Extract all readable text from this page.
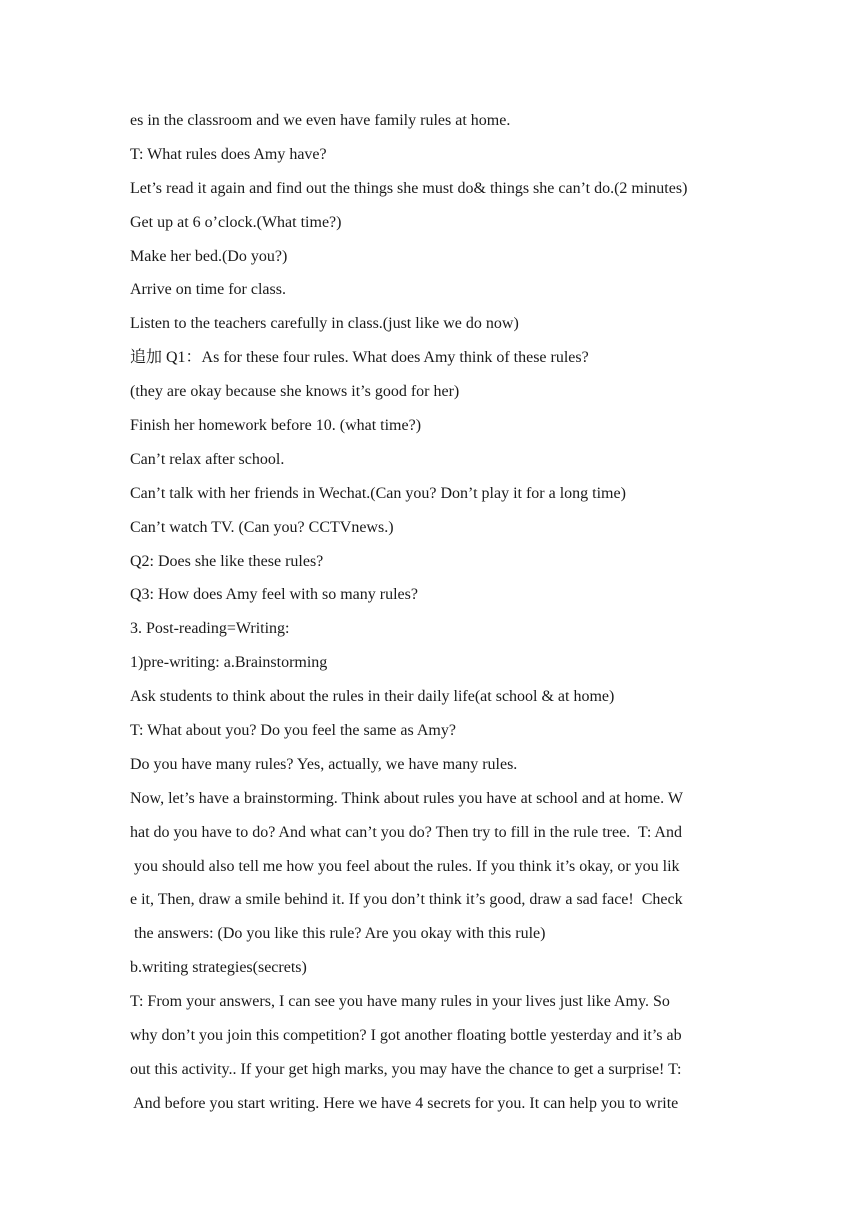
es in the classroom and we even have family rules at home.
T: What rules does Amy have?
Let’s read it again and find out the things she must do& things she can’t do.(2 minutes)
Get up at 6 o’clock.(What time?)
Make her bed.(Do you?)
Arrive on time for class.
Listen to the teachers carefully in class.(just like we do now)
追加 Q1：As for these four rules. What does Amy think of these rules?
(they are okay because she knows it’s good for her)
Finish her homework before 10. (what time?)
Can’t relax after school.
Can’t talk with her friends in Wechat.(Can you? Don’t play it for a long time)
Can’t watch TV. (Can you? CCTVnews.)
Q2: Does she like these rules?
Q3: How does Amy feel with so many rules?
3. Post-reading=Writing:
1)pre-writing: a.Brainstorming
Ask students to think about the rules in their daily life(at school & at home)
T: What about you? Do you feel the same as Amy?
Do you have many rules? Yes, actually, we have many rules.
Now, let’s have a brainstorming. Think about rules you have at school and at home. W
hat do you have to do? And what can’t you do? Then try to fill in the rule tree.  T: And
you should also tell me how you feel about the rules. If you think it’s okay, or you lik
e it, Then, draw a smile behind it. If you don’t think it’s good, draw a sad face!  Check
the answers: (Do you like this rule? Are you okay with this rule)
b.writing strategies(secrets)
T: From your answers, I can see you have many rules in your lives just like Amy. So
why don’t you join this competition? I got another floating bottle yesterday and it’s ab
out this activity.. If your get high marks, you may have the chance to get a surprise! T:
And before you start writing. Here we have 4 secrets for you. It can help you to write
